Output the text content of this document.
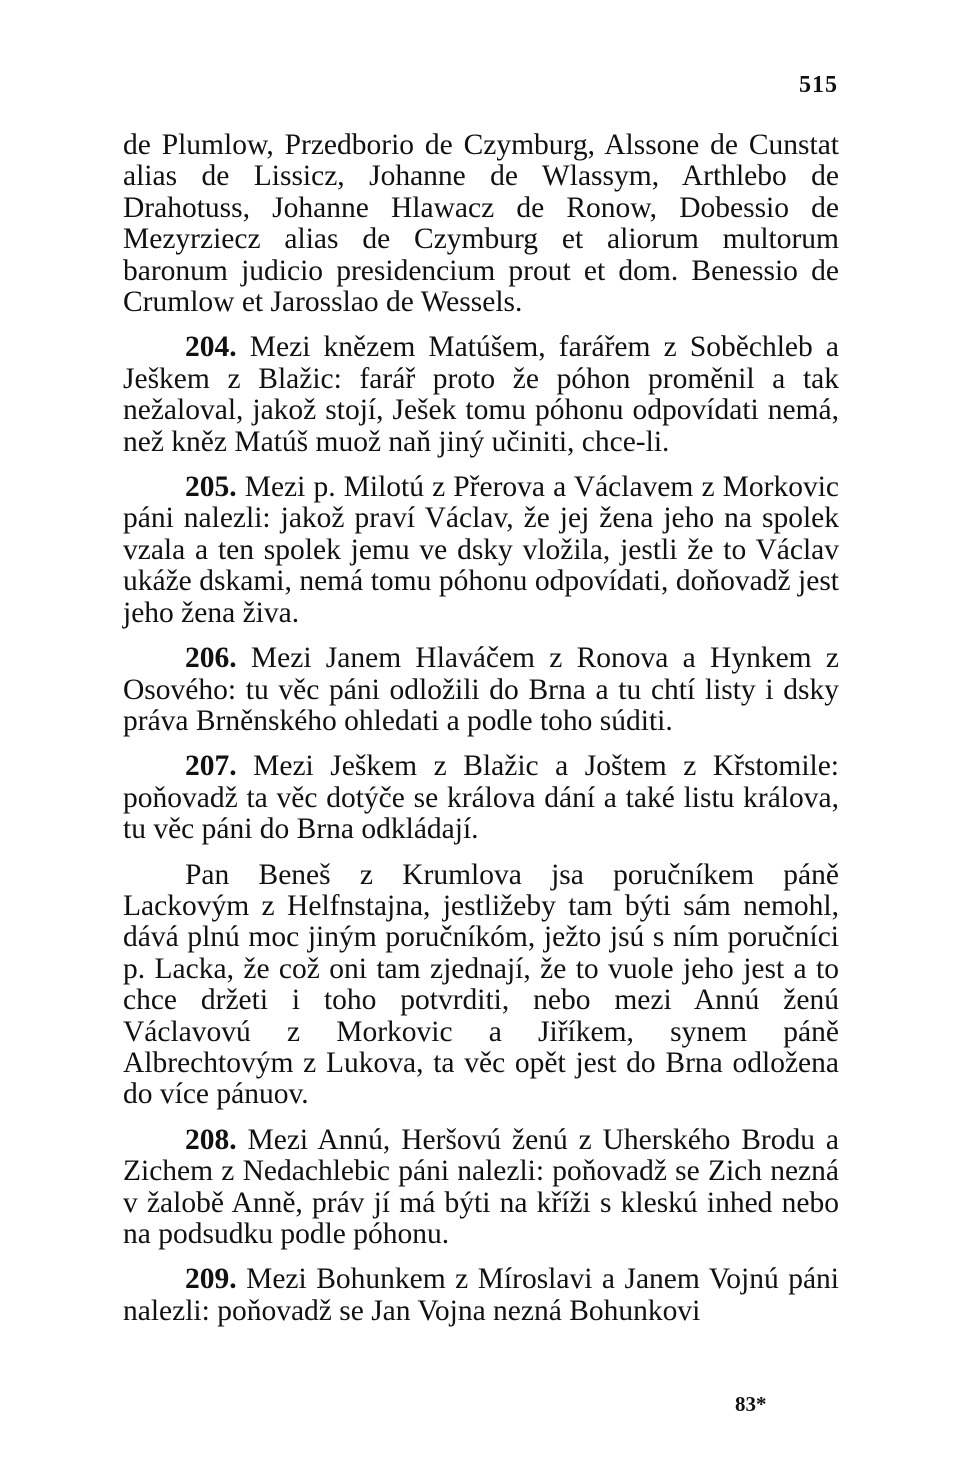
515

de Plumlow, Przedborio de Czymburg, Alssone de Cunstat alias de Lissicz, Johanne de Wlassym, Arthlebo de Drahotuss, Johanne Hlawacz de Ronow, Dobessio de Mezyrziecz alias de Czymburg et aliorum multorum baronum judicio presidencium prout et dom. Benessio de Crumlow et Jarosslao de Wessels.

204. Mezi knězem Matúšem, farářem z Soběchleb a Ješkem z Blažic: farář proto že póhon proměnil a tak nežaloval, jakož stojí, Ješek tomu póhonu odpovídati nemá, než kněz Matúš muož naň jiný učiniti, chce-li.

205. Mezi p. Milotú z Přerova a Václavem z Morkovic páni nalezli: jakož praví Václav, že jej žena jeho na spolek vzala a ten spolek jemu ve dsky vložila, jestli že to Václav ukáže dskami, nemá tomu póhonu odpovídati, doňovadž jest jeho žena živa.

206. Mezi Janem Hlaváčem z Ronova a Hynkem z Osového: tu věc páni odložili do Brna a tu chtí listy i dsky práva Brněnského ohledati a podle toho súditi.

207. Mezi Ješkem z Blažic a Joštem z Křstomile: poňovadž ta věc dotýče se králova dání a také listu králova, tu věc páni do Brna odkládají.

Pan Beneš z Krumlova jsa poručníkem páně Lackovým z Helfnstajna, jestližeby tam býti sám nemohl, dává plnú moc jiným poručníkóm, ježto jsú s ním poručníci p. Lacka, že což oni tam zjednají, že to vuole jeho jest a to chce držeti i toho potvrditi, nebo mezi Annú ženú Václavovú z Morkovic a Jiříkem, synem páně Albrechtovým z Lukova, ta věc opět jest do Brna odložena do více pánuov.

208. Mezi Annú, Heršovú ženú z Uherského Brodu a Zichem z Nedachlebic páni nalezli: poňovadž se Zich nezná v žalobě Anně, práv jí má býti na kříži s kleskú inhed nebo na podsudku podle póhonu.

209. Mezi Bohunkem z Míroslavi a Janem Vojnú páni nalezli: poňovadž se Jan Vojna nezná Bohunkovi

83*
